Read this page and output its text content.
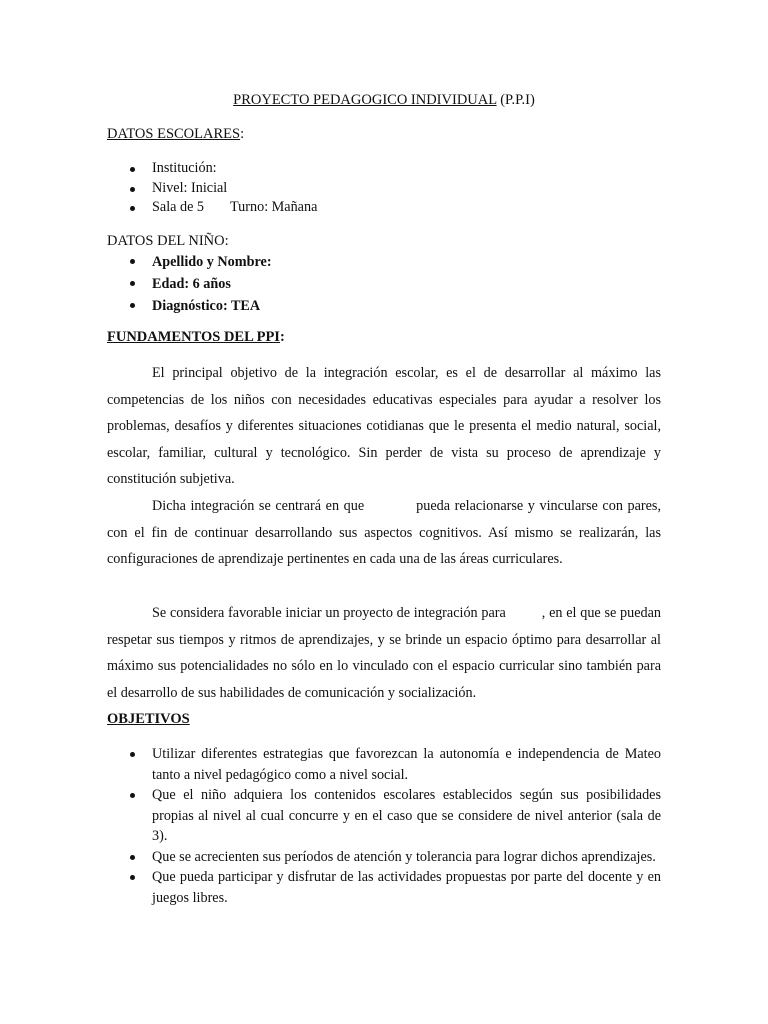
PROYECTO PEDAGOGICO INDIVIDUAL (P.P.I)
DATOS ESCOLARES:
Institución:
Nivel: Inicial
Sala de 5 Turno: Mañana
DATOS DEL NIÑO:
Apellido y Nombre:
Edad: 6 años
Diagnóstico: TEA
FUNDAMENTOS DEL PPI:

El principal objetivo de la integración escolar, es el de desarrollar al máximo las competencias de los niños con necesidades educativas especiales para ayudar a resolver los problemas, desafíos y diferentes situaciones cotidianas que le presenta el medio natural, social, escolar, familiar, cultural y tecnológico. Sin perder de vista su proceso de aprendizaje y constitución subjetiva.

Dicha integración se centrará en que	pueda relacionarse y vincularse con pares, con el fin de continuar desarrollando sus aspectos cognitivos. Así mismo se realizarán, las configuraciones de aprendizaje pertinentes en cada una de las áreas curriculares.

Se considera favorable iniciar un proyecto de integración para	, en el que se puedan respetar sus tiempos y ritmos de aprendizajes, y se brinde un espacio óptimo para desarrollar al máximo sus potencialidades no sólo en lo vinculado con el espacio curricular sino también para el desarrollo de sus habilidades de comunicación y socialización.

OBJETIVOS
Utilizar diferentes estrategias que favorezcan la autonomía e independencia de Mateo tanto a nivel pedagógico como a nivel social.
Que el niño adquiera los contenidos escolares establecidos según sus posibilidades propias al nivel al cual concurre y en el caso que se considere de nivel anterior (sala de 3).
Que se acrecienten sus períodos de atención y tolerancia para lograr dichos aprendizajes.
Que pueda participar y disfrutar de las actividades propuestas por parte del docente y en juegos libres.
